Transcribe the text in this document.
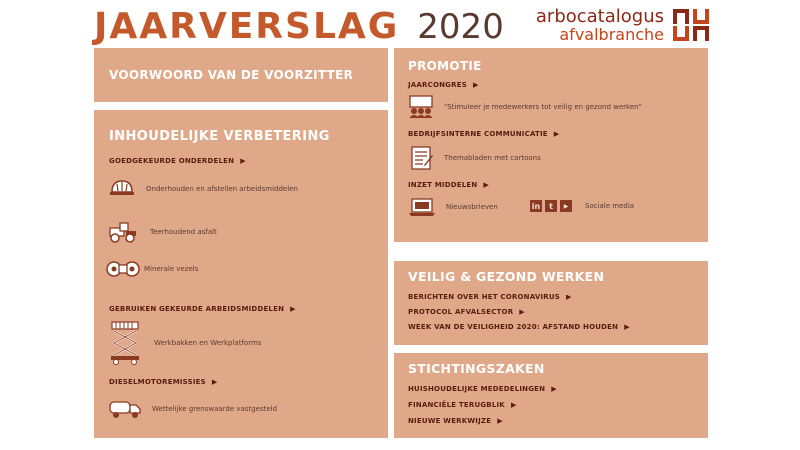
JAARVERSLAG 2020 arbocatalogus
afvalbranche
VOORWOORD VAN DE VOORZITTER
INHOUDELIJKE VERBETERING
GOEDGEKEURDE ONDERDELEN ▶
Onderhouden en afstellen arbeidsmiddelen
Teerhoudend asfalt
Minerale vezels
GEBRUIKEN GEKEURDE ARBEIDSMIDDELEN ▶
Werkbakken en Werkplatforms
DIESELMOTOREMISSIES ▶
Wettelijke grenswaarde vastgesteld
PROMOTIE
JAARCONGRES ▶
"Stimuleer je medewerkers tot veilig en gezond werken"
BEDRIJFSINTERNE COMMUNICATIE ▶
Themabladen met cartoons
INZET MIDDELEN ▶
Nieuwsbrieven	in	t	▶	Sociale media
VEILIG & GEZOND WERKEN
BERICHTEN OVER HET CORONAVIRUS ▶
PROTOCOL AFVALSECTOR ▶
WEEK VAN DE VEILIGHEID 2020: AFSTAND HOUDEN ▶
STICHTINGSZAKEN
HUISHOUDELIJKE MEDEDELINGEN ▶
FINANCIËLE TERUGBLIK ▶
NIEUWE WERKWIJZE ▶
